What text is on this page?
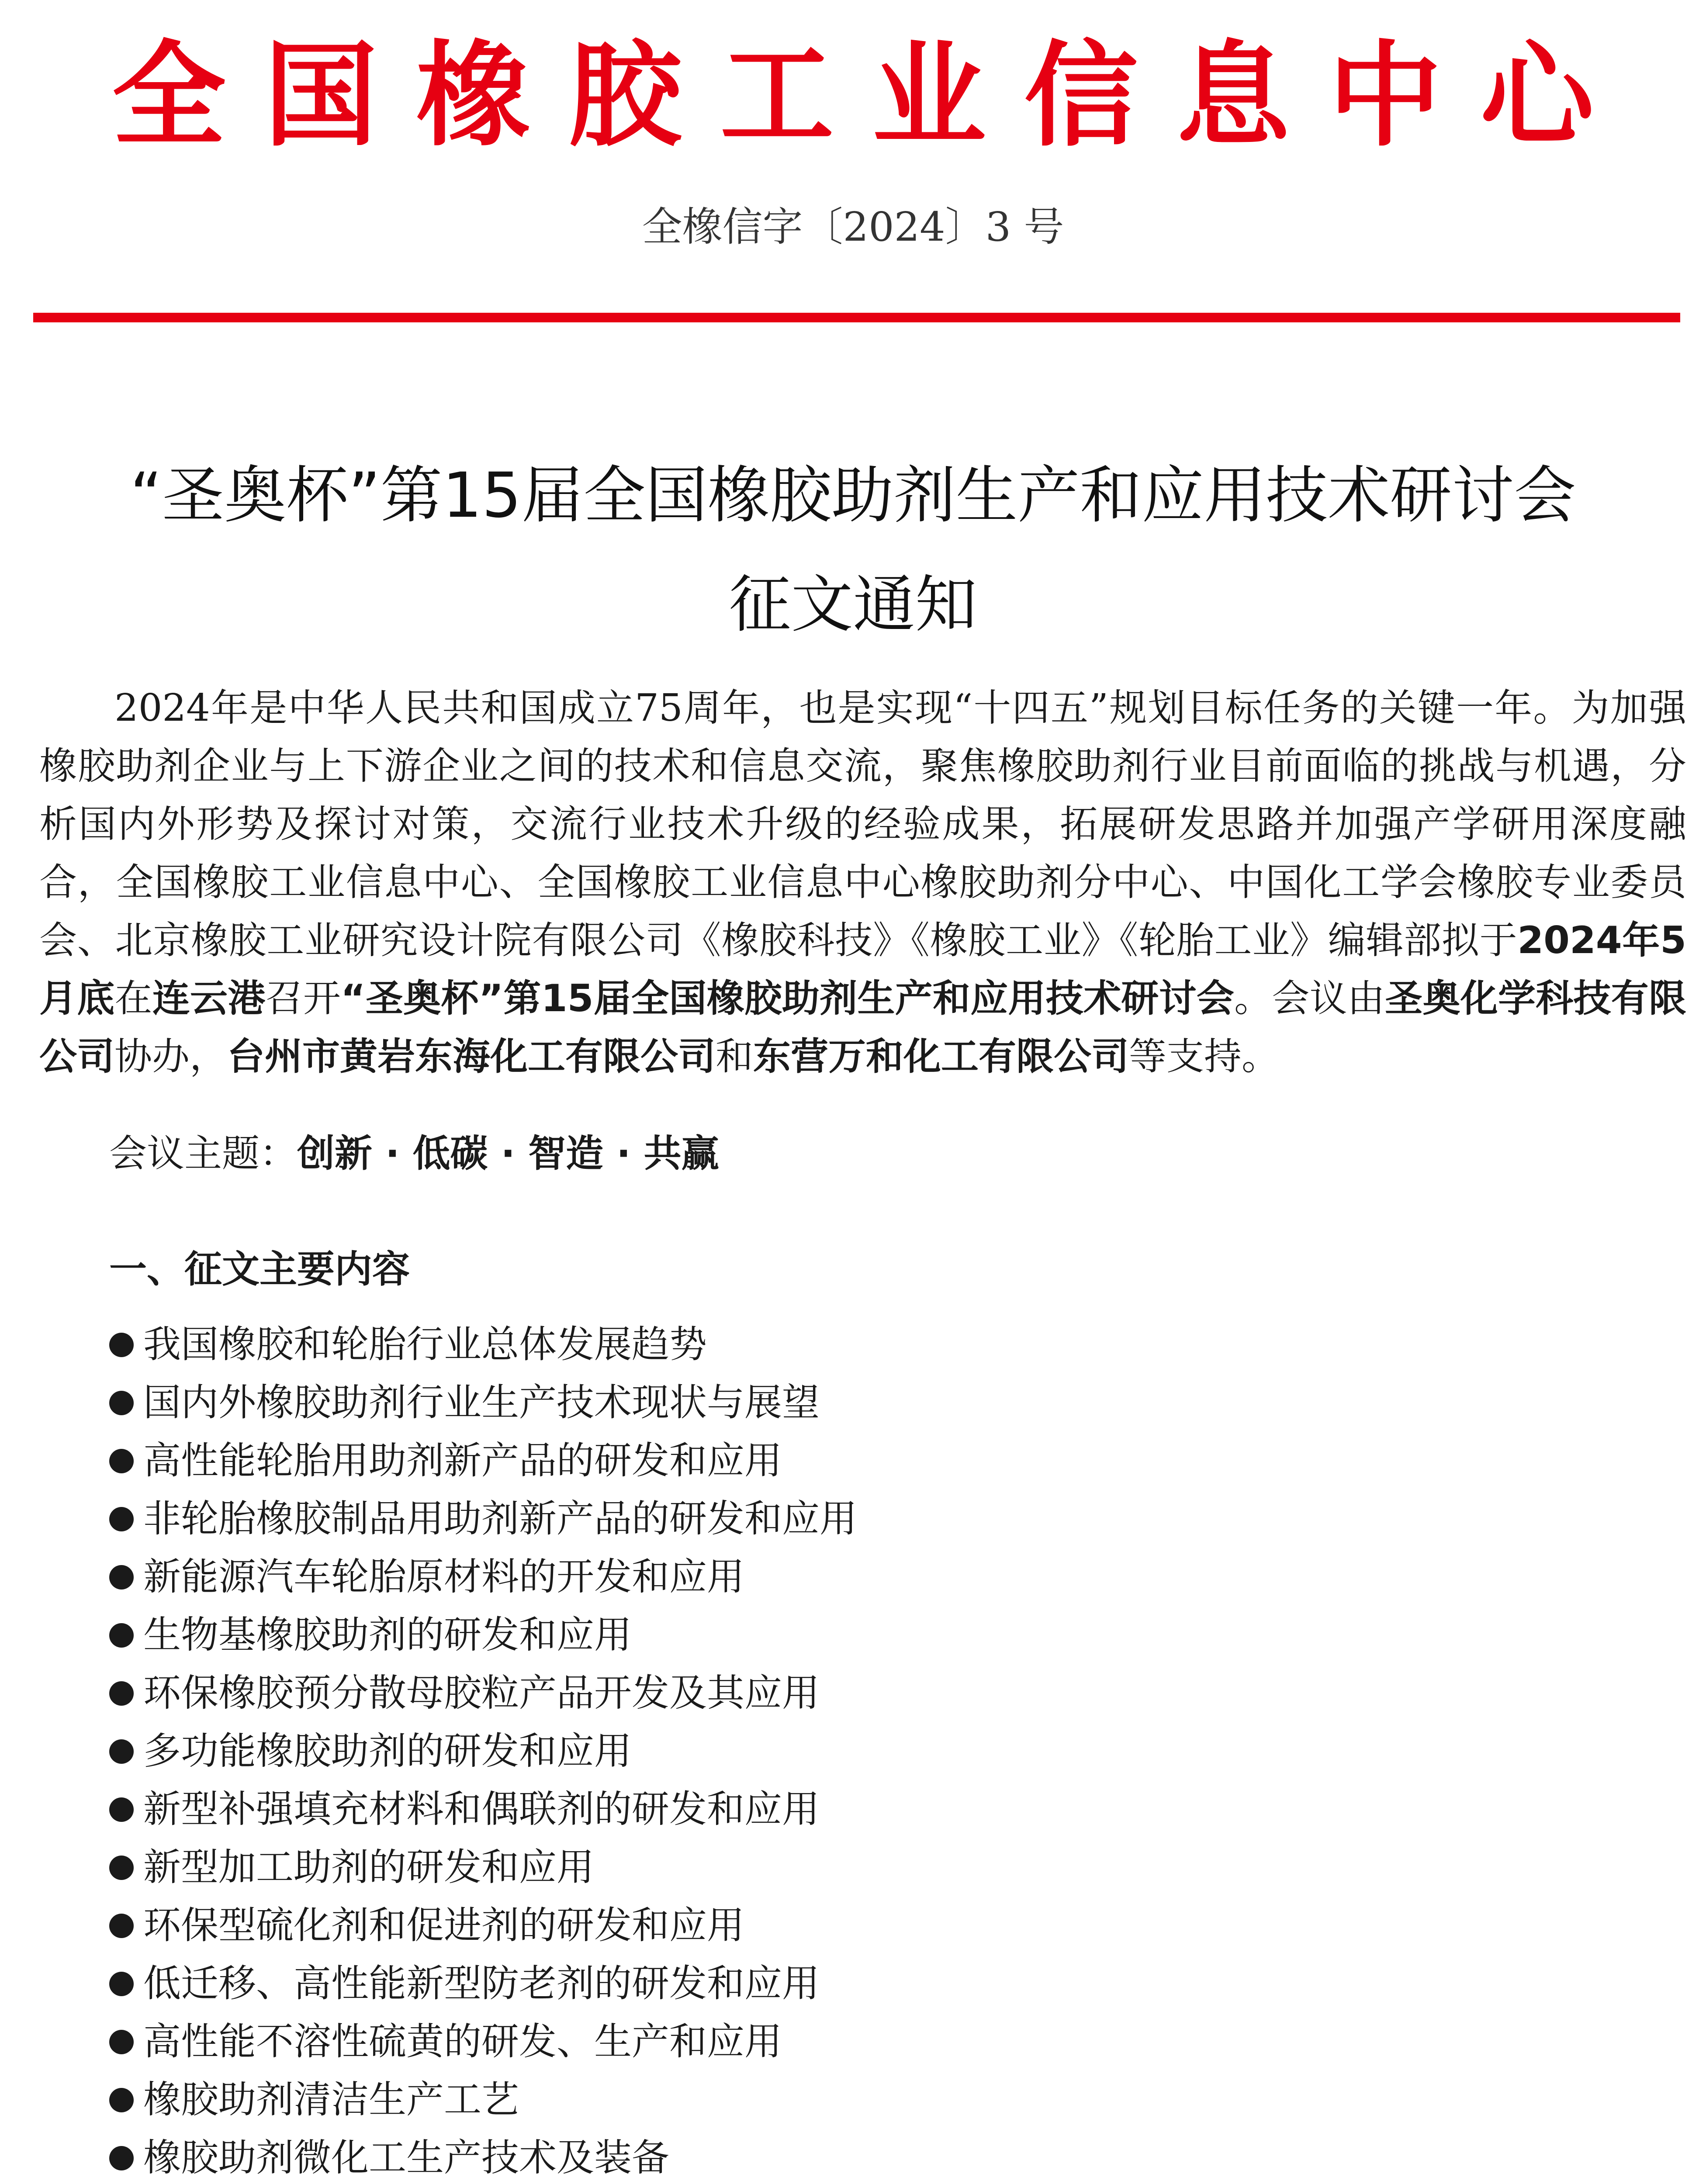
全国橡胶工业信息中心
全橡信字〔2024〕3 号
“圣奥杯”第15届全国橡胶助剂生产和应用技术研讨会
征文通知

2024年是中华人民共和国成立75周年，也是实现“十四五”规划目标任务的关键一年。为加强橡胶助剂企业与上下游企业之间的技术和信息交流，聚焦橡胶助剂行业目前面临的挑战与机遇，分析国内外形势及探讨对策，交流行业技术升级的经验成果，拓展研发思路并加强产学研用深度融合，全国橡胶工业信息中心、全国橡胶工业信息中心橡胶助剂分中心、中国化工学会橡胶专业委员会、北京橡胶工业研究设计院有限公司《橡胶科技》《橡胶工业》《轮胎工业》编辑部拟于2024年5月底在连云港召开“圣奥杯”第15届全国橡胶助剂生产和应用技术研讨会。会议由圣奥化学科技有限公司协办，台州市黄岩东海化工有限公司和东营万和化工有限公司等支持。

会议主题：创新 · 低碳 · 智造 · 共赢
一、征文主要内容
我国橡胶和轮胎行业总体发展趋势
国内外橡胶助剂行业生产技术现状与展望
高性能轮胎用助剂新产品的研发和应用
非轮胎橡胶制品用助剂新产品的研发和应用
新能源汽车轮胎原材料的开发和应用
生物基橡胶助剂的研发和应用
环保橡胶预分散母胶粒产品开发及其应用
多功能橡胶助剂的研发和应用
新型补强填充材料和偶联剂的研发和应用
新型加工助剂的研发和应用
环保型硫化剂和促进剂的研发和应用
低迁移、高性能新型防老剂的研发和应用
高性能不溶性硫黄的研发、生产和应用
橡胶助剂清洁生产工艺
橡胶助剂微化工生产技术及装备
